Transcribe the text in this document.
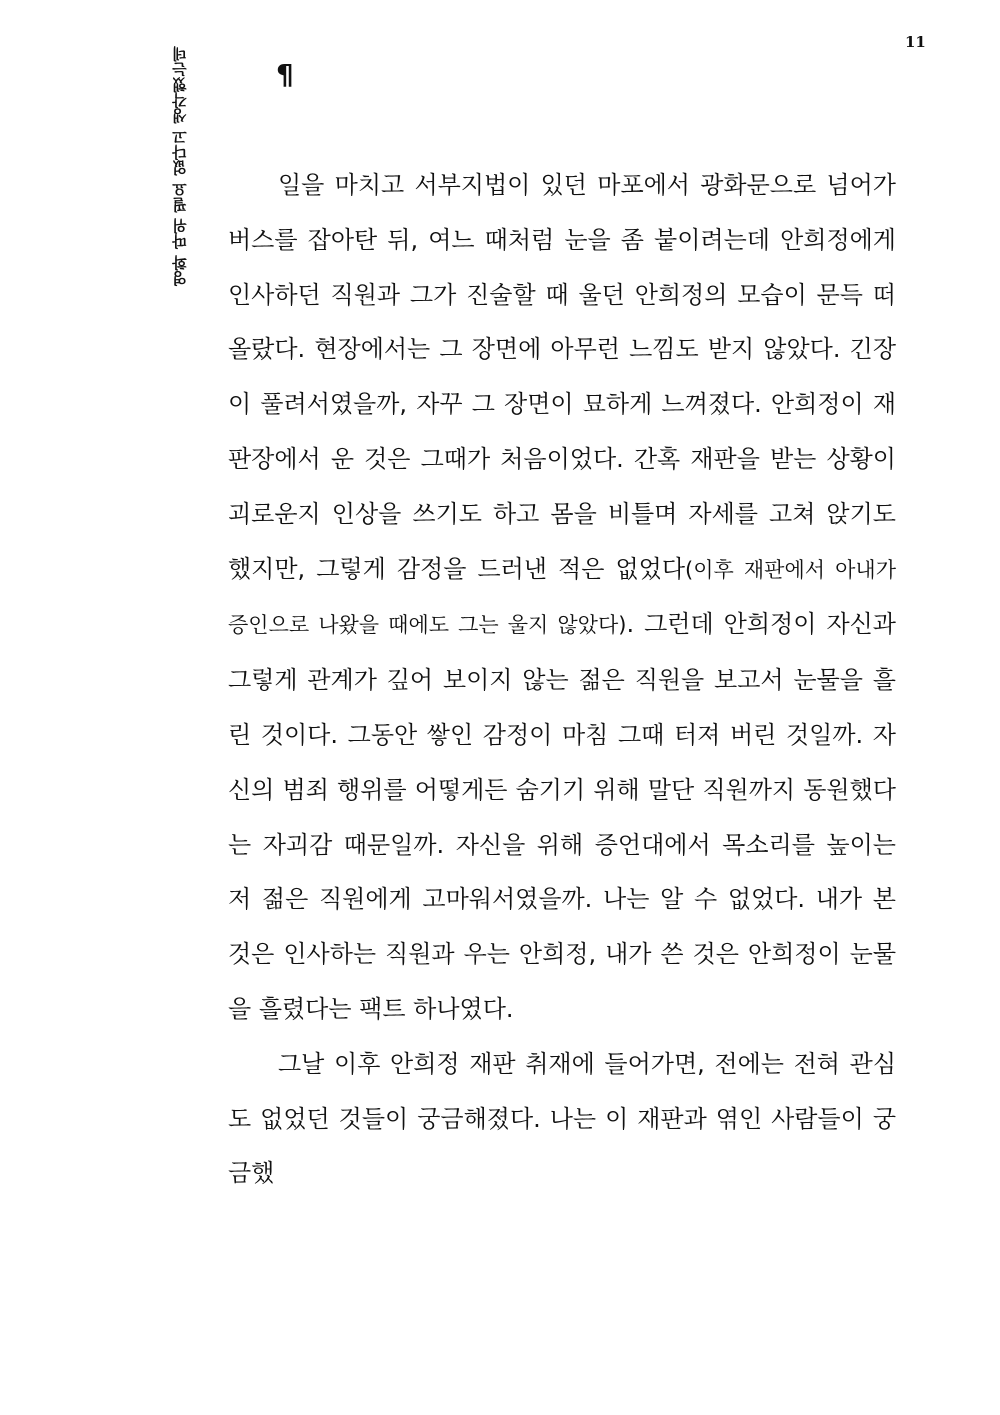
11
영화 따위 필요 없다고 생각했는데	¶

일을 마치고 서부지법이 있던 마포에서 광화문으로 넘어가 버스를 잡아탄 뒤, 여느 때처럼 눈을 좀 붙이려는데 안희정에게 인사하던 직원과 그가 진술할 때 울던 안희정의 모습이 문득 떠올랐다. 현장에서는 그 장면에 아무런 느낌도 받지 않았다. 긴장이 풀려서였을까, 자꾸 그 장면이 묘하게 느껴졌다. 안희정이 재판장에서 운 것은 그때가 처음이었다. 간혹 재판을 받는 상황이 괴로운지 인상을 쓰기도 하고 몸을 비틀며 자세를 고쳐 앉기도 했지만, 그렇게 감정을 드러낸 적은 없었다(이후 재판에서 아내가 증인으로 나왔을 때에도 그는 울지 않았다). 그런데 안희정이 자신과 그렇게 관계가 깊어 보이지 않는 젊은 직원을 보고서 눈물을 흘린 것이다. 그동안 쌓인 감정이 마침 그때 터져 버린 것일까. 자신의 범죄 행위를 어떻게든 숨기기 위해 말단 직원까지 동원했다는 자괴감 때문일까. 자신을 위해 증언대에서 목소리를 높이는 저 젊은 직원에게 고마워서였을까. 나는 알 수 없었다. 내가 본 것은 인사하는 직원과 우는 안희정, 내가 쓴 것은 안희정이 눈물을 흘렸다는 팩트 하나였다.

그날 이후 안희정 재판 취재에 들어가면, 전에는 전혀 관심도 없었던 것들이 궁금해졌다. 나는 이 재판과 엮인 사람들이 궁금했
